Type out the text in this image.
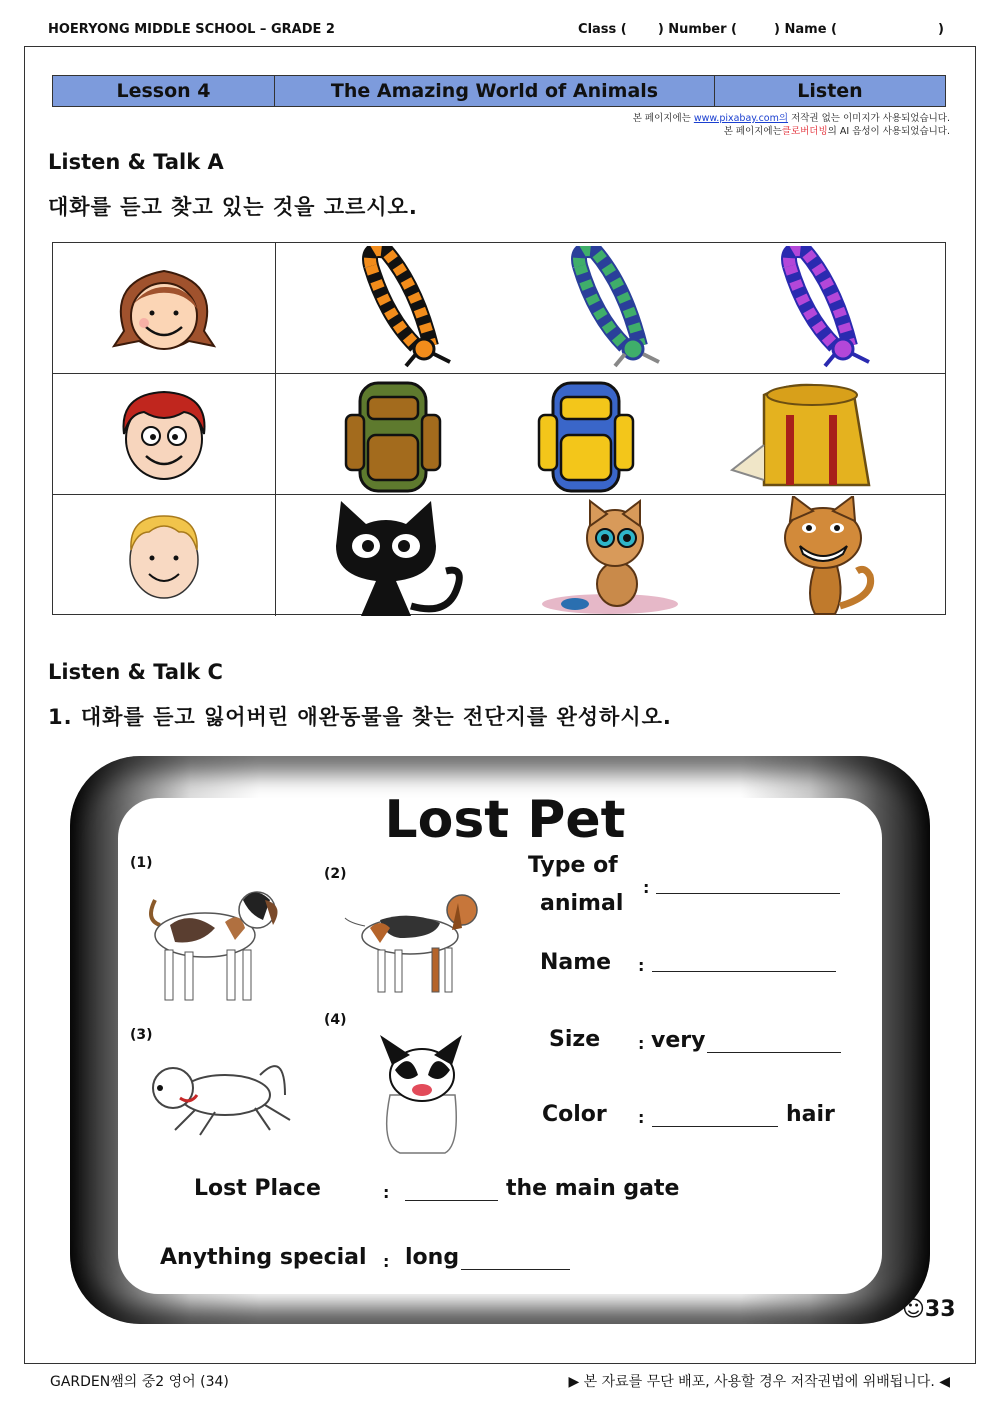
HOERYONG MIDDLE SCHOOL – GRADE 2	Class ( ) Number (	) Name (	)
Lesson 4	The Amazing World of Animals	Listen
본 페이지에는 www.pixabay.com의 저작권 없는 이미지가 사용되었습니다.
본 페이지에는클로버더빙의 AI 음성이 사용되었습니다.
Listen & Talk A
대화를 듣고 찾고 있는 것을 고르시오.
Listen & Talk C
1. 대화를 듣고 잃어버린 애완동물을 찾는 전단지를 완성하시오.
Lost Pet
(1)
(2)
(3)
(4)
Type of
animal
:
Name :
Size : very
Color :	hair
Lost Place	:	the main gate
Anything special : long
☺33
GARDEN쌤의 중2 영어 (34)	▶ 본 자료를 무단 배포, 사용할 경우 저작권법에 위배됩니다. ◀
